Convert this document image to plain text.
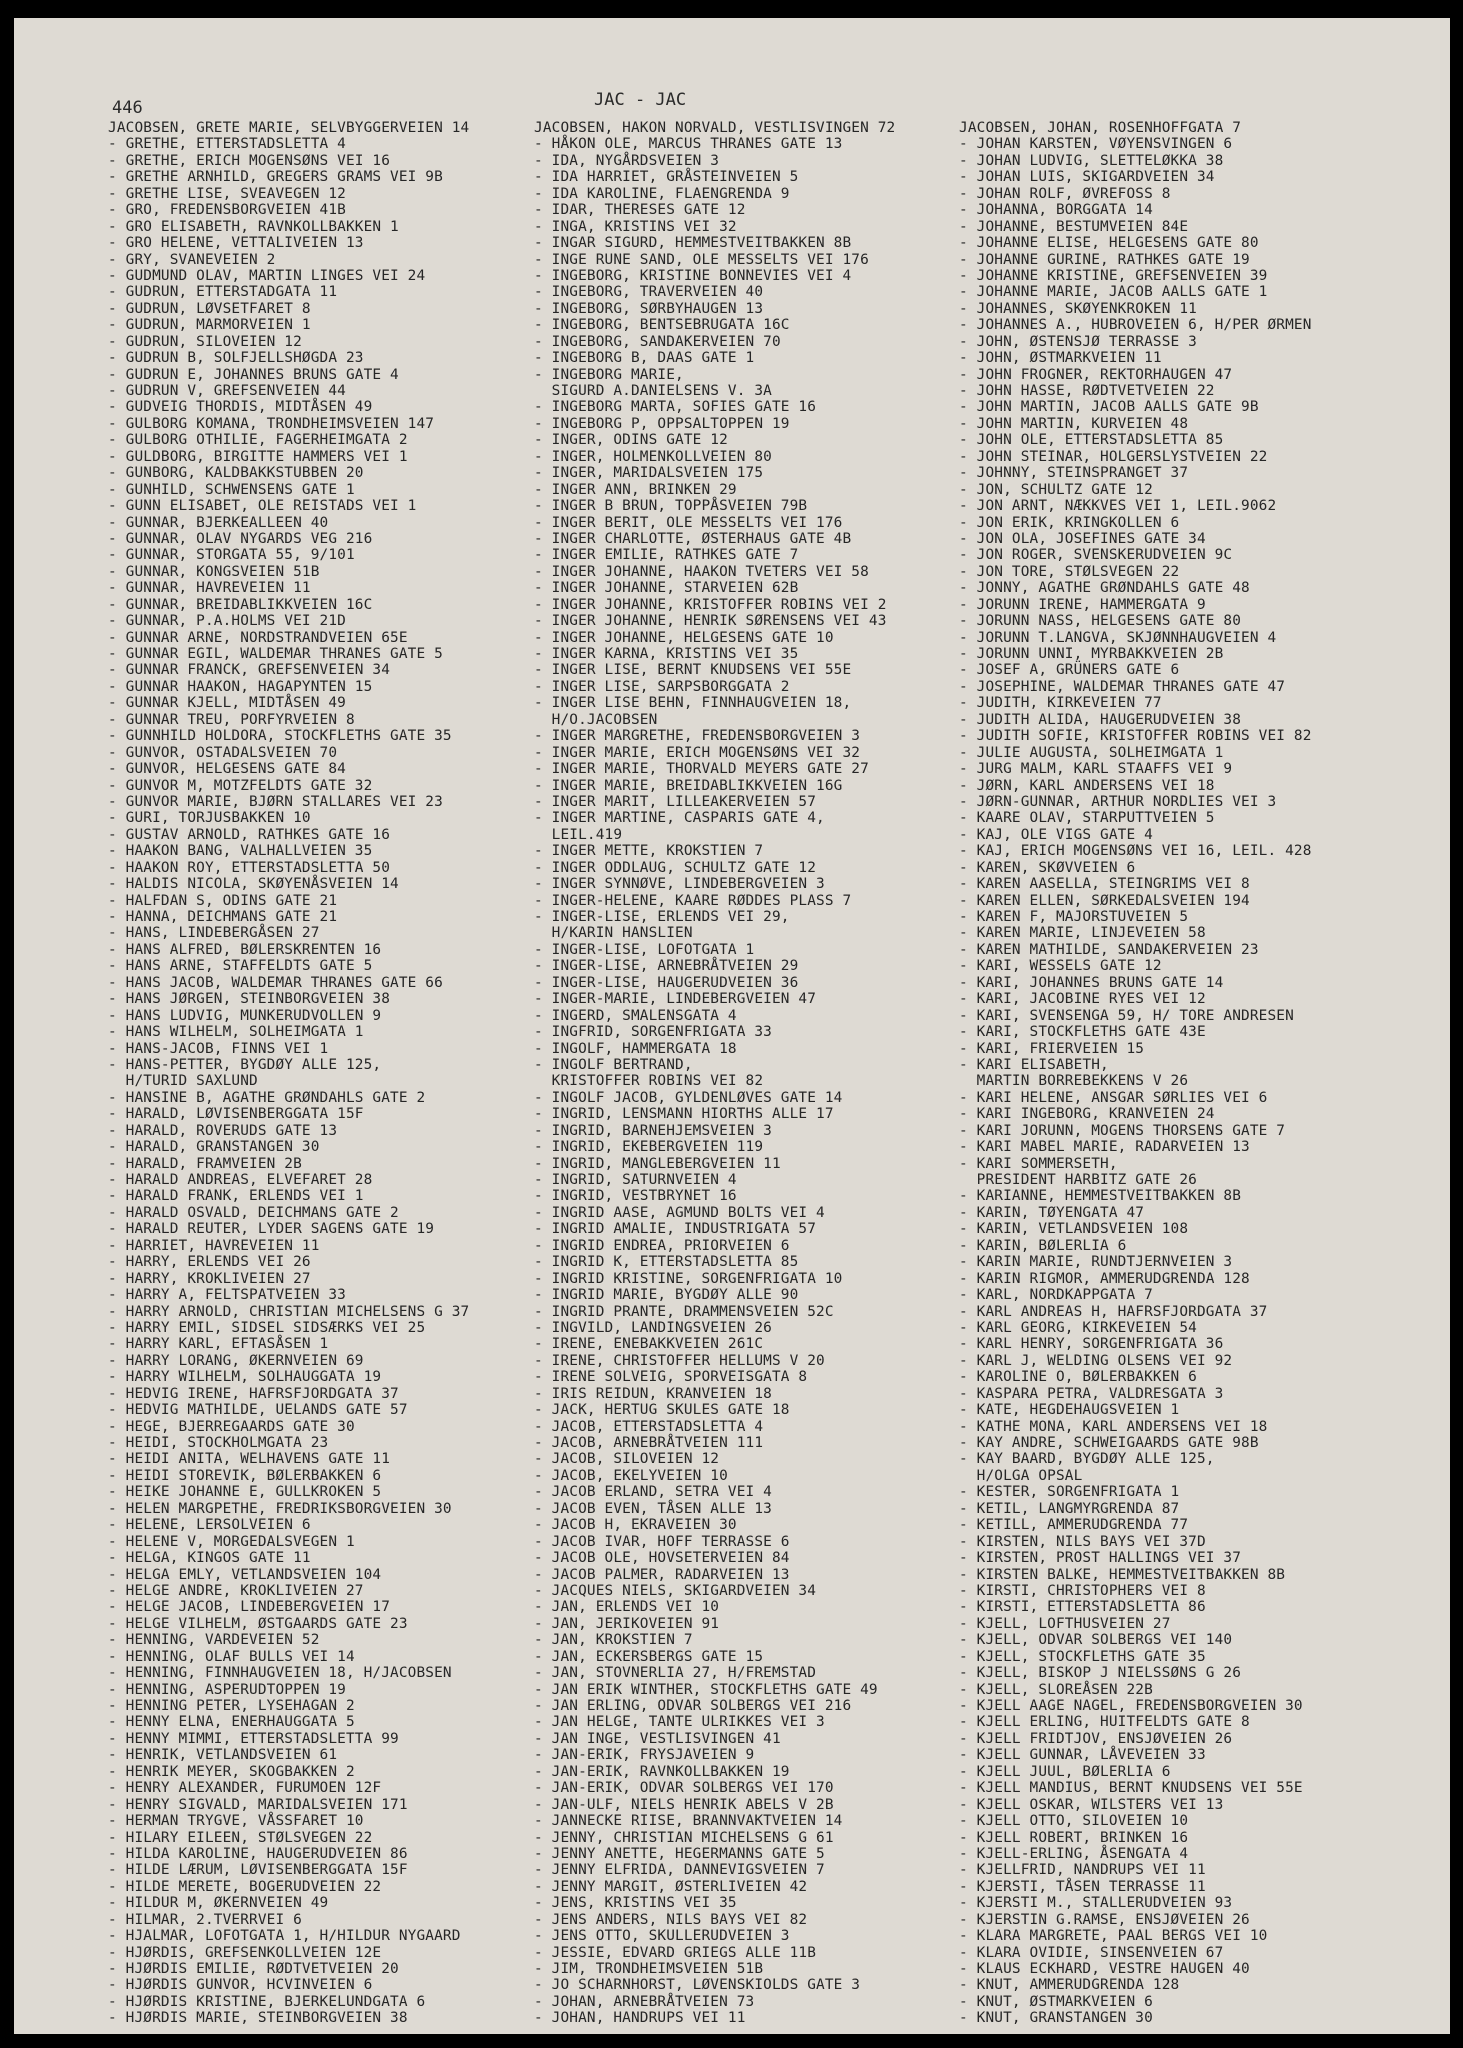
446	JAC - JAC
JACOBSEN, GRETE MARIE, SELVBYGGERVEIEN 14
- GRETHE, ETTERSTADSLETTA 4
- GRETHE, ERICH MOGENSØNS VEI 16
- GRETHE ARNHILD, GREGERS GRAMS VEI 9B
- GRETHE LISE, SVEAVEGEN 12
- GRO, FREDENSBORGVEIEN 41B
- GRO ELISABETH, RAVNKOLLBAKKEN 1
- GRO HELENE, VETTALIVEIEN 13
- GRY, SVANEVEIEN 2
- GUDMUND OLAV, MARTIN LINGES VEI 24
- GUDRUN, ETTERSTADGATA 11
- GUDRUN, LØVSETFARET 8
- GUDRUN, MARMORVEIEN 1
- GUDRUN, SILOVEIEN 12
- GUDRUN B, SOLFJELLSHØGDA 23
- GUDRUN E, JOHANNES BRUNS GATE 4
- GUDRUN V, GREFSENVEIEN 44
- GUDVEIG THORDIS, MIDTÅSEN 49
- GULBORG KOMANA, TRONDHEIMSVEIEN 147
- GULBORG OTHILIE, FAGERHEIMGATA 2
- GULDBORG, BIRGITTE HAMMERS VEI 1
- GUNBORG, KALDBAKKSTUBBEN 20
- GUNHILD, SCHWENSENS GATE 1
- GUNN ELISABET, OLE REISTADS VEI 1
- GUNNAR, BJERKEALLEEN 40
- GUNNAR, OLAV NYGARDS VEG 216
- GUNNAR, STORGATA 55, 9/101
- GUNNAR, KONGSVEIEN 51B
- GUNNAR, HAVREVEIEN 11
- GUNNAR, BREIDABLIKKVEIEN 16C
- GUNNAR, P.A.HOLMS VEI 21D
- GUNNAR ARNE, NORDSTRANDVEIEN 65E
- GUNNAR EGIL, WALDEMAR THRANES GATE 5
- GUNNAR FRANCK, GREFSENVEIEN 34
- GUNNAR HAAKON, HAGAPYNTEN 15
- GUNNAR KJELL, MIDTÅSEN 49
- GUNNAR TREU, PORFYRVEIEN 8
- GUNNHILD HOLDORA, STOCKFLETHS GATE 35
- GUNVOR, OSTADALSVEIEN 70
- GUNVOR, HELGESENS GATE 84
- GUNVOR M, MOTZFELDTS GATE 32
- GUNVOR MARIE, BJØRN STALLARES VEI 23
- GURI, TORJUSBAKKEN 10
- GUSTAV ARNOLD, RATHKES GATE 16
- HAAKON BANG, VALHALLVEIEN 35
- HAAKON ROY, ETTERSTADSLETTA 50
- HALDIS NICOLA, SKØYENÅSVEIEN 14
- HALFDAN S, ODINS GATE 21
- HANNA, DEICHMANS GATE 21
- HANS, LINDEBERGÅSEN 27
- HANS ALFRED, BØLERSKRENTEN 16
- HANS ARNE, STAFFELDTS GATE 5
- HANS JACOB, WALDEMAR THRANES GATE 66
- HANS JØRGEN, STEINBORGVEIEN 38
- HANS LUDVIG, MUNKERUDVOLLEN 9
- HANS WILHELM, SOLHEIMGATA 1
- HANS-JACOB, FINNS VEI 1
- HANS-PETTER, BYGDØY ALLE 125,
H/TURID SAXLUND
- HANSINE B, AGATHE GRØNDAHLS GATE 2
- HARALD, LØVISENBERGGATA 15F
- HARALD, ROVERUDS GATE 13
- HARALD, GRANSTANGEN 30
- HARALD, FRAMVEIEN 2B
- HARALD ANDREAS, ELVEFARET 28
- HARALD FRANK, ERLENDS VEI 1
- HARALD OSVALD, DEICHMANS GATE 2
- HARALD REUTER, LYDER SAGENS GATE 19
- HARRIET, HAVREVEIEN 11
- HARRY, ERLENDS VEI 26
- HARRY, KROKLIVEIEN 27
- HARRY A, FELTSPATVEIEN 33
- HARRY ARNOLD, CHRISTIAN MICHELSENS G 37
- HARRY EMIL, SIDSEL SIDSÆRKS VEI 25
- HARRY KARL, EFTASÅSEN 1
- HARRY LORANG, ØKERNVEIEN 69
- HARRY WILHELM, SOLHAUGGATA 19
- HEDVIG IRENE, HAFRSFJORDGATA 37
- HEDVIG MATHILDE, UELANDS GATE 57
- HEGE, BJERREGAARDS GATE 30
- HEIDI, STOCKHOLMGATA 23
- HEIDI ANITA, WELHAVENS GATE 11
- HEIDI STOREVIK, BØLERBAKKEN 6
- HEIKE JOHANNE E, GULLKROKEN 5
- HELEN MARGPETHE, FREDRIKSBORGVEIEN 30
- HELENE, LERSOLVEIEN 6
- HELENE V, MORGEDALSVEGEN 1
- HELGA, KINGOS GATE 11
- HELGA EMLY, VETLANDSVEIEN 104
- HELGE ANDRE, KROKLIVEIEN 27
- HELGE JACOB, LINDEBERGVEIEN 17
- HELGE VILHELM, ØSTGAARDS GATE 23
- HENNING, VARDEVEIEN 52
- HENNING, OLAF BULLS VEI 14
- HENNING, FINNHAUGVEIEN 18, H/JACOBSEN
- HENNING, ASPERUDTOPPEN 19
- HENNING PETER, LYSEHAGAN 2
- HENNY ELNA, ENERHAUGGATA 5
- HENNY MIMMI, ETTERSTADSLETTA 99
- HENRIK, VETLANDSVEIEN 61
- HENRIK MEYER, SKOGBAKKEN 2
- HENRY ALEXANDER, FURUMOEN 12F
- HENRY SIGVALD, MARIDALSVEIEN 171
- HERMAN TRYGVE, VÅSSFARET 10
- HILARY EILEEN, STØLSVEGEN 22
- HILDA KAROLINE, HAUGERUDVEIEN 86
- HILDE LÆRUM, LØVISENBERGGATA 15F
- HILDE MERETE, BOGERUDVEIEN 22
- HILDUR M, ØKERNVEIEN 49
- HILMAR, 2.TVERRVEI 6
- HJALMAR, LOFOTGATA 1, H/HILDUR NYGAARD
- HJØRDIS, GREFSENKOLLVEIEN 12E
- HJØRDIS EMILIE, RØDTVETVEIEN 20
- HJØRDIS GUNVOR, HCVINVEIEN 6
- HJØRDIS KRISTINE, BJERKELUNDGATA 6
- HJØRDIS MARIE, STEINBORGVEIEN 38
JACOBSEN, HAKON NORVALD, VESTLISVINGEN 72
- HÅKON OLE, MARCUS THRANES GATE 13
- IDA, NYGÅRDSVEIEN 3
- IDA HARRIET, GRÅSTEINVEIEN 5
- IDA KAROLINE, FLAENGRENDA 9
- IDAR, THERESES GATE 12
- INGA, KRISTINS VEI 32
- INGAR SIGURD, HEMMESTVEITBAKKEN 8B
- INGE RUNE SAND, OLE MESSELTS VEI 176
- INGEBORG, KRISTINE BONNEVIES VEI 4
- INGEBORG, TRAVERVEIEN 40
- INGEBORG, SØRBYHAUGEN 13
- INGEBORG, BENTSEBRUGATA 16C
- INGEBORG, SANDAKERVEIEN 70
- INGEBORG B, DAAS GATE 1
- INGEBORG MARIE,
SIGURD A.DANIELSENS V. 3A
- INGEBORG MARTA, SOFIES GATE 16
- INGEBORG P, OPPSALTOPPEN 19
- INGER, ODINS GATE 12
- INGER, HOLMENKOLLVEIEN 80
- INGER, MARIDALSVEIEN 175
- INGER ANN, BRINKEN 29
- INGER B BRUN, TOPPÅSVEIEN 79B
- INGER BERIT, OLE MESSELTS VEI 176
- INGER CHARLOTTE, ØSTERHAUS GATE 4B
- INGER EMILIE, RATHKES GATE 7
- INGER JOHANNE, HAAKON TVETERS VEI 58
- INGER JOHANNE, STARVEIEN 62B
- INGER JOHANNE, KRISTOFFER ROBINS VEI 2
- INGER JOHANNE, HENRIK SØRENSENS VEI 43
- INGER JOHANNE, HELGESENS GATE 10
- INGER KARNA, KRISTINS VEI 35
- INGER LISE, BERNT KNUDSENS VEI 55E
- INGER LISE, SARPSBORGGATA 2
- INGER LISE BEHN, FINNHAUGVEIEN 18,
H/O.JACOBSEN
- INGER MARGRETHE, FREDENSBORGVEIEN 3
- INGER MARIE, ERICH MOGENSØNS VEI 32
- INGER MARIE, THORVALD MEYERS GATE 27
- INGER MARIE, BREIDABLIKKVEIEN 16G
- INGER MARIT, LILLEAKERVEIEN 57
- INGER MARTINE, CASPARIS GATE 4,
LEIL.419
- INGER METTE, KROKSTIEN 7
- INGER ODDLAUG, SCHULTZ GATE 12
- INGER SYNNØVE, LINDEBERGVEIEN 3
- INGER-HELENE, KAARE RØDDES PLASS 7
- INGER-LISE, ERLENDS VEI 29,
H/KARIN HANSLIEN
- INGER-LISE, LOFOTGATA 1
- INGER-LISE, ARNEBRÅTVEIEN 29
- INGER-LISE, HAUGERUDVEIEN 36
- INGER-MARIE, LINDEBERGVEIEN 47
- INGERD, SMALENSGATA 4
- INGFRID, SORGENFRIGATA 33
- INGOLF, HAMMERGATA 18
- INGOLF BERTRAND,
KRISTOFFER ROBINS VEI 82
- INGOLF JACOB, GYLDENLØVES GATE 14
- INGRID, LENSMANN HIORTHS ALLE 17
- INGRID, BARNEHJEMSVEIEN 3
- INGRID, EKEBERGVEIEN 119
- INGRID, MANGLEBERGVEIEN 11
- INGRID, SATURNVEIEN 4
- INGRID, VESTBRYNET 16
- INGRID AASE, AGMUND BOLTS VEI 4
- INGRID AMALIE, INDUSTRIGATA 57
- INGRID ENDREA, PRIORVEIEN 6
- INGRID K, ETTERSTADSLETTA 85
- INGRID KRISTINE, SORGENFRIGATA 10
- INGRID MARIE, BYGDØY ALLE 90
- INGRID PRANTE, DRAMMENSVEIEN 52C
- INGVILD, LANDINGSVEIEN 26
- IRENE, ENEBAKKVEIEN 261C
- IRENE, CHRISTOFFER HELLUMS V 20
- IRENE SOLVEIG, SPORVEISGATA 8
- IRIS REIDUN, KRANVEIEN 18
- JACK, HERTUG SKULES GATE 18
- JACOB, ETTERSTADSLETTA 4
- JACOB, ARNEBRÅTVEIEN 111
- JACOB, SILOVEIEN 12
- JACOB, EKELYVEIEN 10
- JACOB ERLAND, SETRA VEI 4
- JACOB EVEN, TÅSEN ALLE 13
- JACOB H, EKRAVEIEN 30
- JACOB IVAR, HOFF TERRASSE 6
- JACOB OLE, HOVSETERVEIEN 84
- JACOB PALMER, RADARVEIEN 13
- JACQUES NIELS, SKIGARDVEIEN 34
- JAN, ERLENDS VEI 10
- JAN, JERIKOVEIEN 91
- JAN, KROKSTIEN 7
- JAN, ECKERSBERGS GATE 15
- JAN, STOVNERLIA 27, H/FREMSTAD
- JAN ERIK WINTHER, STOCKFLETHS GATE 49
- JAN ERLING, ODVAR SOLBERGS VEI 216
- JAN HELGE, TANTE ULRIKKES VEI 3
- JAN INGE, VESTLISVINGEN 41
- JAN-ERIK, FRYSJAVEIEN 9
- JAN-ERIK, RAVNKOLLBAKKEN 19
- JAN-ERIK, ODVAR SOLBERGS VEI 170
- JAN-ULF, NIELS HENRIK ABELS V 2B
- JANNECKE RIISE, BRANNVAKTVEIEN 14
- JENNY, CHRISTIAN MICHELSENS G 61
- JENNY ANETTE, HEGERMANNS GATE 5
- JENNY ELFRIDA, DANNEVIGSVEIEN 7
- JENNY MARGIT, ØSTERLIVEIEN 42
- JENS, KRISTINS VEI 35
- JENS ANDERS, NILS BAYS VEI 82
- JENS OTTO, SKULLERUDVEIEN 3
- JESSIE, EDVARD GRIEGS ALLE 11B
- JIM, TRONDHEIMSVEIEN 51B
- JO SCHARNHORST, LØVENSKIOLDS GATE 3
- JOHAN, ARNEBRÅTVEIEN 73
- JOHAN, HANDRUPS VEI 11
JACOBSEN, JOHAN, ROSENHOFFGATA 7
- JOHAN KARSTEN, VØYENSVINGEN 6
- JOHAN LUDVIG, SLETTELØKKA 38
- JOHAN LUIS, SKIGARDVEIEN 34
- JOHAN ROLF, ØVREFOSS 8
- JOHANNA, BORGGATA 14
- JOHANNE, BESTUMVEIEN 84E
- JOHANNE ELISE, HELGESENS GATE 80
- JOHANNE GURINE, RATHKES GATE 19
- JOHANNE KRISTINE, GREFSENVEIEN 39
- JOHANNE MARIE, JACOB AALLS GATE 1
- JOHANNES, SKØYENKROKEN 11
- JOHANNES A., HUBROVEIEN 6, H/PER ØRMEN
- JOHN, ØSTENSJØ TERRASSE 3
- JOHN, ØSTMARKVEIEN 11
- JOHN FROGNER, REKTORHAUGEN 47
- JOHN HASSE, RØDTVETVEIEN 22
- JOHN MARTIN, JACOB AALLS GATE 9B
- JOHN MARTIN, KURVEIEN 48
- JOHN OLE, ETTERSTADSLETTA 85
- JOHN STEINAR, HOLGERSLYSTVEIEN 22
- JOHNNY, STEINSPRANGET 37
- JON, SCHULTZ GATE 12
- JON ARNT, NÆKKVES VEI 1, LEIL.9062
- JON ERIK, KRINGKOLLEN 6
- JON OLA, JOSEFINES GATE 34
- JON ROGER, SVENSKERUDVEIEN 9C
- JON TORE, STØLSVEGEN 22
- JONNY, AGATHE GRØNDAHLS GATE 48
- JORUNN IRENE, HAMMERGATA 9
- JORUNN NASS, HELGESENS GATE 80
- JORUNN T.LANGVA, SKJØNNHAUGVEIEN 4
- JORUNN UNNI, MYRBAKKVEIEN 2B
- JOSEF A, GRÜNERS GATE 6
- JOSEPHINE, WALDEMAR THRANES GATE 47
- JUDITH, KIRKEVEIEN 77
- JUDITH ALIDA, HAUGERUDVEIEN 38
- JUDITH SOFIE, KRISTOFFER ROBINS VEI 82
- JULIE AUGUSTA, SOLHEIMGATA 1
- JURG MALM, KARL STAAFFS VEI 9
- JØRN, KARL ANDERSENS VEI 18
- JØRN-GUNNAR, ARTHUR NORDLIES VEI 3
- KAARE OLAV, STARPUTTVEIEN 5
- KAJ, OLE VIGS GATE 4
- KAJ, ERICH MOGENSØNS VEI 16, LEIL. 428
- KAREN, SKØVVEIEN 6
- KAREN AASELLA, STEINGRIMS VEI 8
- KAREN ELLEN, SØRKEDALSVEIEN 194
- KAREN F, MAJORSTUVEIEN 5
- KAREN MARIE, LINJEVEIEN 58
- KAREN MATHILDE, SANDAKERVEIEN 23
- KARI, WESSELS GATE 12
- KARI, JOHANNES BRUNS GATE 14
- KARI, JACOBINE RYES VEI 12
- KARI, SVENSENGA 59, H/ TORE ANDRESEN
- KARI, STOCKFLETHS GATE 43E
- KARI, FRIERVEIEN 15
- KARI ELISABETH,
MARTIN BORREBEKKENS V 26
- KARI HELENE, ANSGAR SØRLIES VEI 6
- KARI INGEBORG, KRANVEIEN 24
- KARI JORUNN, MOGENS THORSENS GATE 7
- KARI MABEL MARIE, RADARVEIEN 13
- KARI SOMMERSETH,
PRESIDENT HARBITZ GATE 26
- KARIANNE, HEMMESTVEITBAKKEN 8B
- KARIN, TØYENGATA 47
- KARIN, VETLANDSVEIEN 108
- KARIN, BØLERLIA 6
- KARIN MARIE, RUNDTJERNVEIEN 3
- KARIN RIGMOR, AMMERUDGRENDA 128
- KARL, NORDKAPPGATA 7
- KARL ANDREAS H, HAFRSFJORDGATA 37
- KARL GEORG, KIRKEVEIEN 54
- KARL HENRY, SORGENFRIGATA 36
- KARL J, WELDING OLSENS VEI 92
- KAROLINE O, BØLERBAKKEN 6
- KASPARA PETRA, VALDRESGATA 3
- KATE, HEGDEHAUGSVEIEN 1
- KATHE MONA, KARL ANDERSENS VEI 18
- KAY ANDRE, SCHWEIGAARDS GATE 98B
- KAY BAARD, BYGDØY ALLE 125,
H/OLGA OPSAL
- KESTER, SORGENFRIGATA 1
- KETIL, LANGMYRGRENDA 87
- KETILL, AMMERUDGRENDA 77
- KIRSTEN, NILS BAYS VEI 37D
- KIRSTEN, PROST HALLINGS VEI 37
- KIRSTEN BALKE, HEMMESTVEITBAKKEN 8B
- KIRSTI, CHRISTOPHERS VEI 8
- KIRSTI, ETTERSTADSLETTA 86
- KJELL, LOFTHUSVEIEN 27
- KJELL, ODVAR SOLBERGS VEI 140
- KJELL, STOCKFLETHS GATE 35
- KJELL, BISKOP J NIELSSØNS G 26
- KJELL, SLOREÅSEN 22B
- KJELL AAGE NAGEL, FREDENSBORGVEIEN 30
- KJELL ERLING, HUITFELDTS GATE 8
- KJELL FRIDTJOV, ENSJØVEIEN 26
- KJELL GUNNAR, LÅVEVEIEN 33
- KJELL JUUL, BØLERLIA 6
- KJELL MANDIUS, BERNT KNUDSENS VEI 55E
- KJELL OSKAR, WILSTERS VEI 13
- KJELL OTTO, SILOVEIEN 10
- KJELL ROBERT, BRINKEN 16
- KJELL-ERLING, ÅSENGATA 4
- KJELLFRID, NANDRUPS VEI 11
- KJERSTI, TÅSEN TERRASSE 11
- KJERSTI M., STALLERUDVEIEN 93
- KJERSTIN G.RAMSE, ENSJØVEIEN 26
- KLARA MARGRETE, PAAL BERGS VEI 10
- KLARA OVIDIE, SINSENVEIEN 67
- KLAUS ECKHARD, VESTRE HAUGEN 40
- KNUT, AMMERUDGRENDA 128
- KNUT, ØSTMARKVEIEN 6
- KNUT, GRANSTANGEN 30
